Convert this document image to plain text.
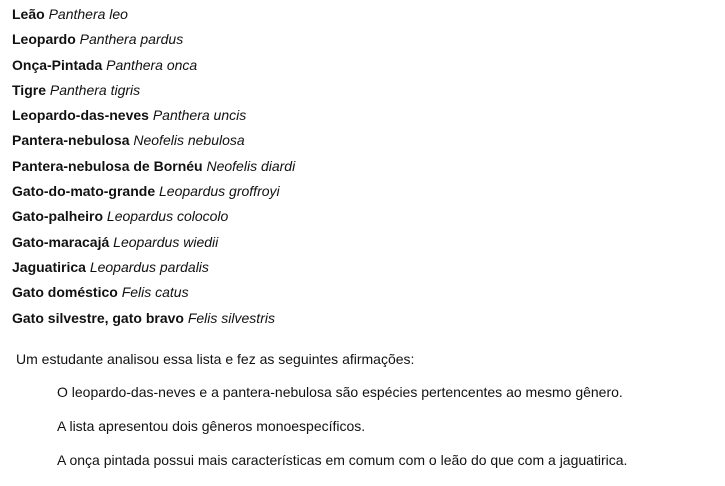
Leão Panthera leo
Leopardo Panthera pardus
Onça-Pintada Panthera onca
Tigre Panthera tigris
Leopardo-das-neves Panthera uncis
Pantera-nebulosa Neofelis nebulosa
Pantera-nebulosa de Bornéu Neofelis diardi
Gato-do-mato-grande Leopardus groffroyi
Gato-palheiro Leopardus colocolo
Gato-maracajá Leopardus wiedii
Jaguatirica Leopardus pardalis
Gato doméstico Felis catus
Gato silvestre, gato bravo Felis silvestris

Um estudante analisou essa lista e fez as seguintes afirmações:

O leopardo-das-neves e a pantera-nebulosa são espécies pertencentes ao mesmo gênero.
A lista apresentou dois gêneros monoespecíficos.
A onça pintada possui mais características em comum com o leão do que com a jaguatirica.
